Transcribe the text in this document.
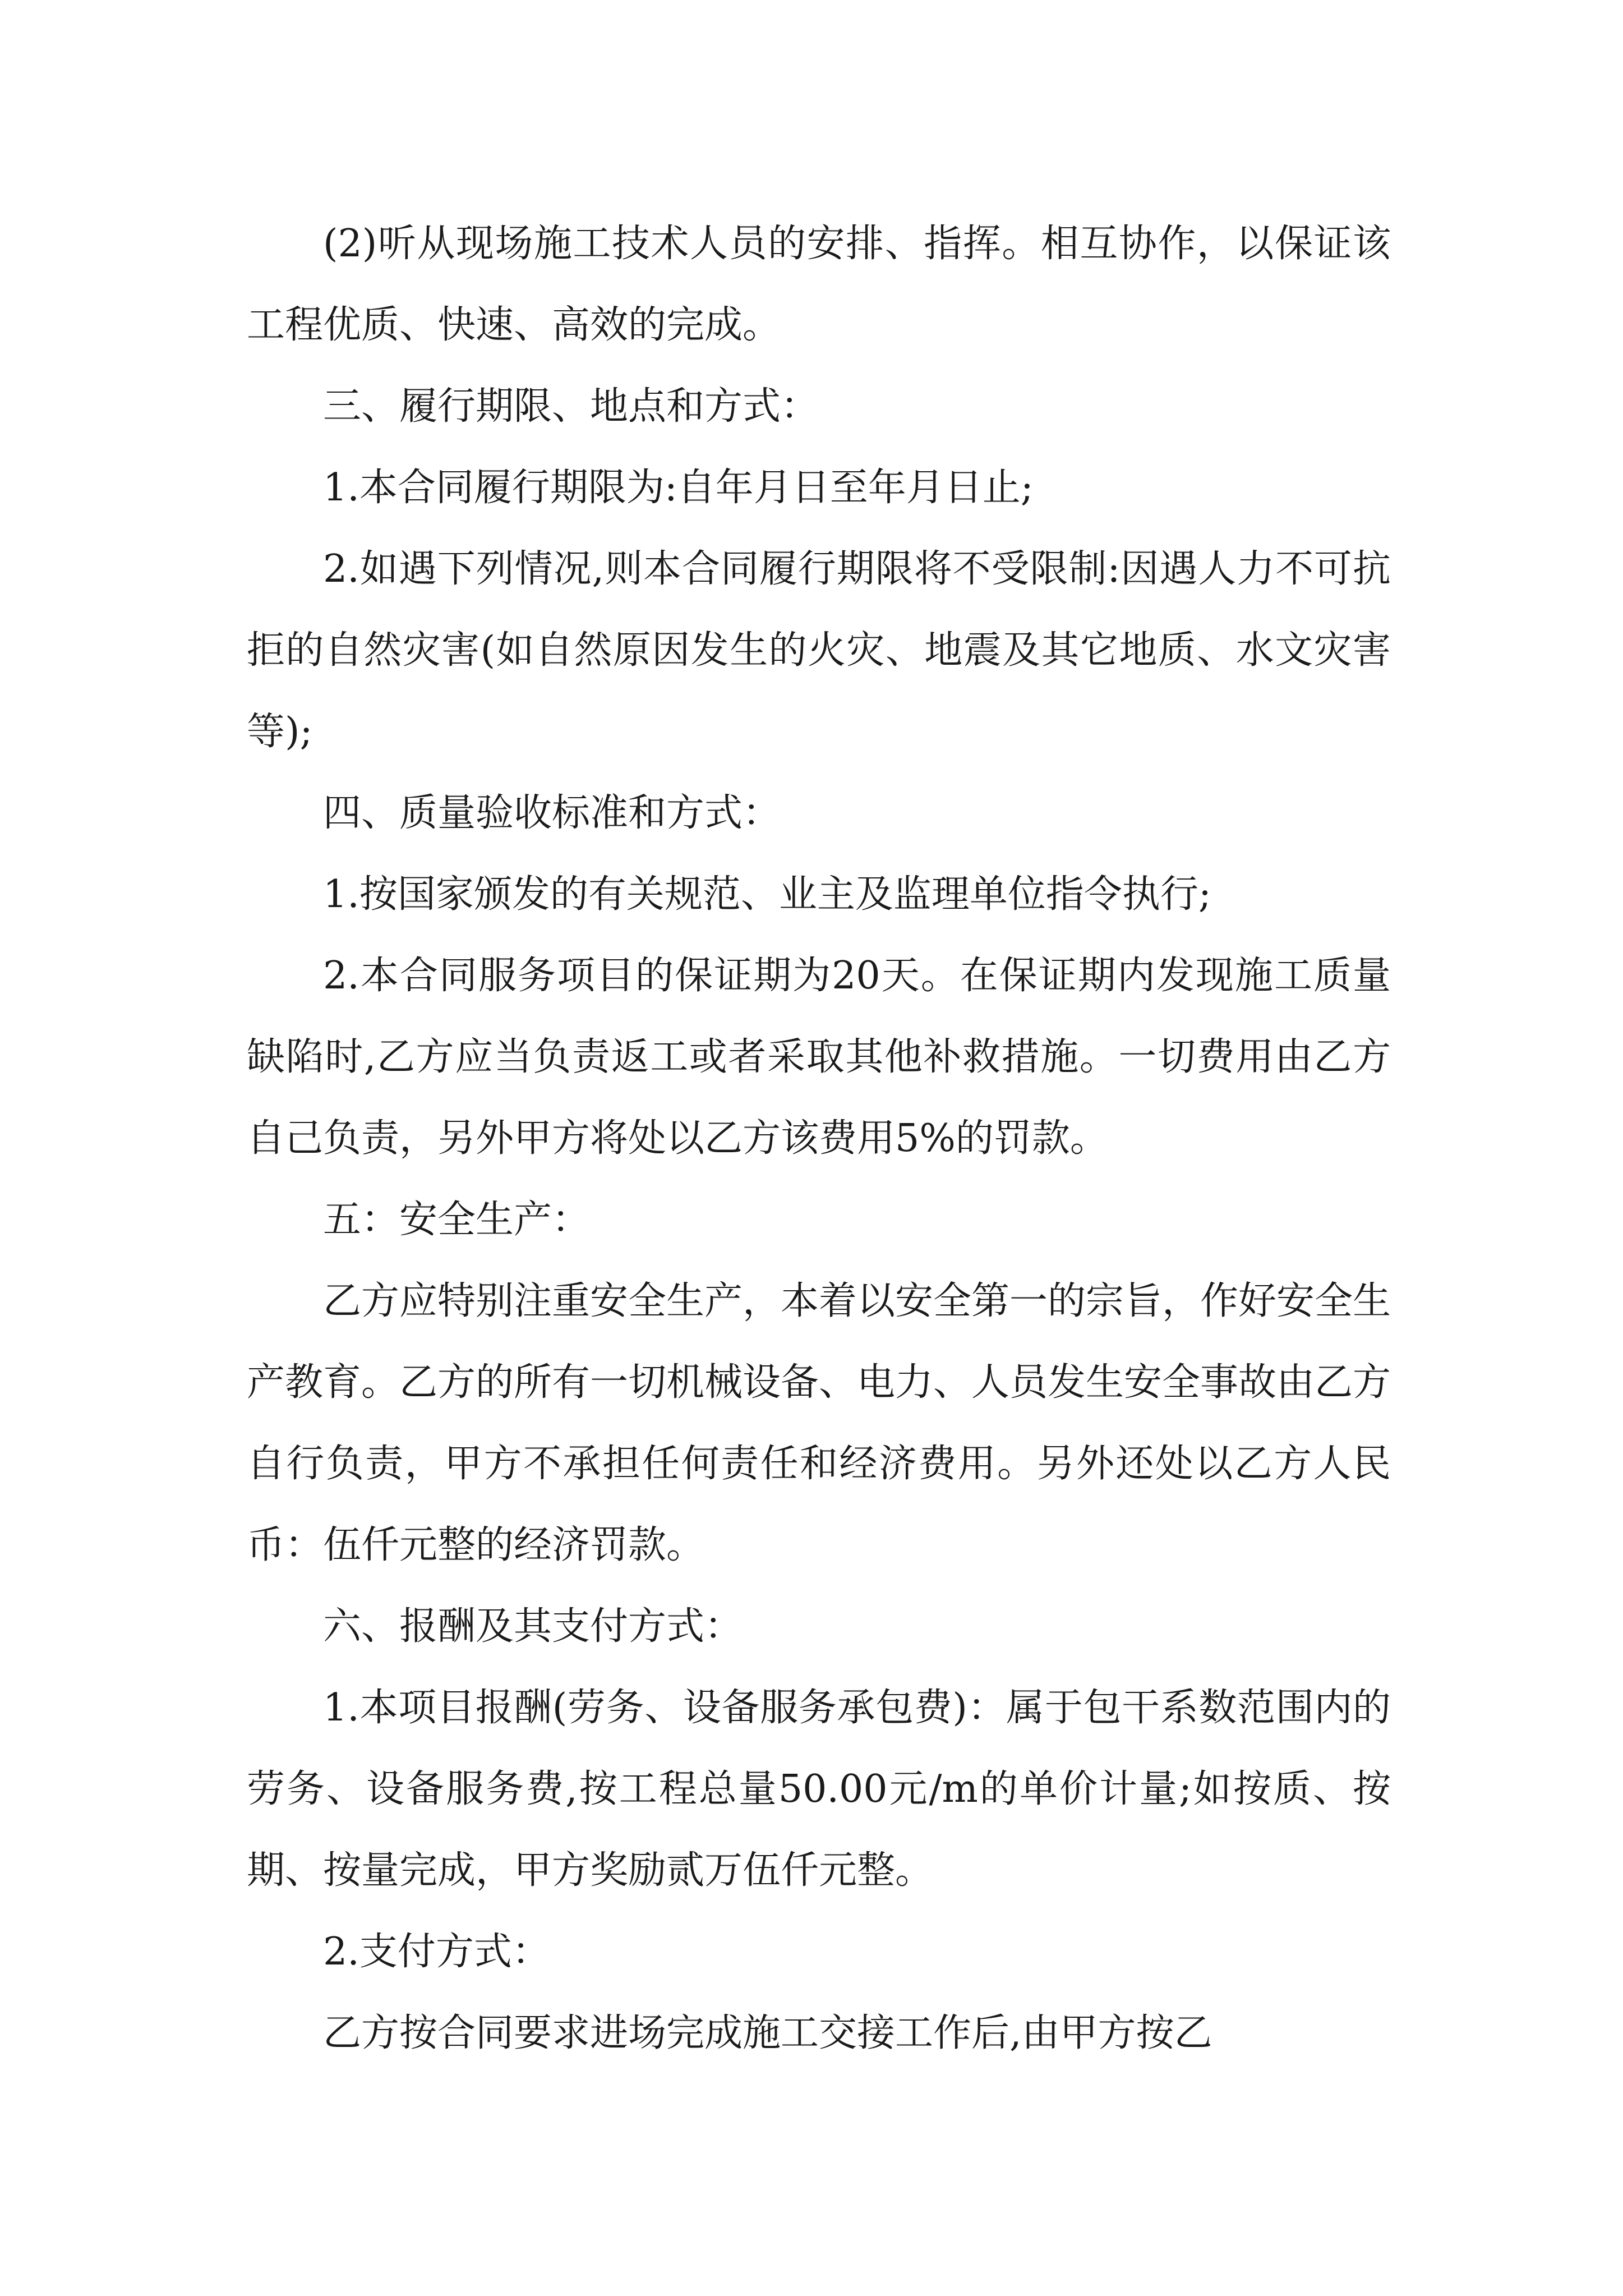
(2)听从现场施工技术人员的安排、指挥。相互协作，以保证该工程优质、快速、高效的完成。

三、履行期限、地点和方式：

1.本合同履行期限为:自年月日至年月日止;

2.如遇下列情况,则本合同履行期限将不受限制:因遇人力不可抗拒的自然灾害(如自然原因发生的火灾、地震及其它地质、水文灾害等);

四、质量验收标准和方式：

1.按国家颁发的有关规范、业主及监理单位指令执行;

2.本合同服务项目的保证期为20天。在保证期内发现施工质量缺陷时,乙方应当负责返工或者采取其他补救措施。一切费用由乙方自己负责，另外甲方将处以乙方该费用5%的罚款。

五：安全生产：

乙方应特别注重安全生产，本着以安全第一的宗旨，作好安全生产教育。乙方的所有一切机械设备、电力、人员发生安全事故由乙方自行负责，甲方不承担任何责任和经济费用。另外还处以乙方人民币：伍仟元整的经济罚款。

六、报酬及其支付方式：

1.本项目报酬(劳务、设备服务承包费)：属于包干系数范围内的劳务、设备服务费,按工程总量50.00元/m的单价计量;如按质、按期、按量完成，甲方奖励贰万伍仟元整。

2.支付方式：

乙方按合同要求进场完成施工交接工作后,由甲方按乙
